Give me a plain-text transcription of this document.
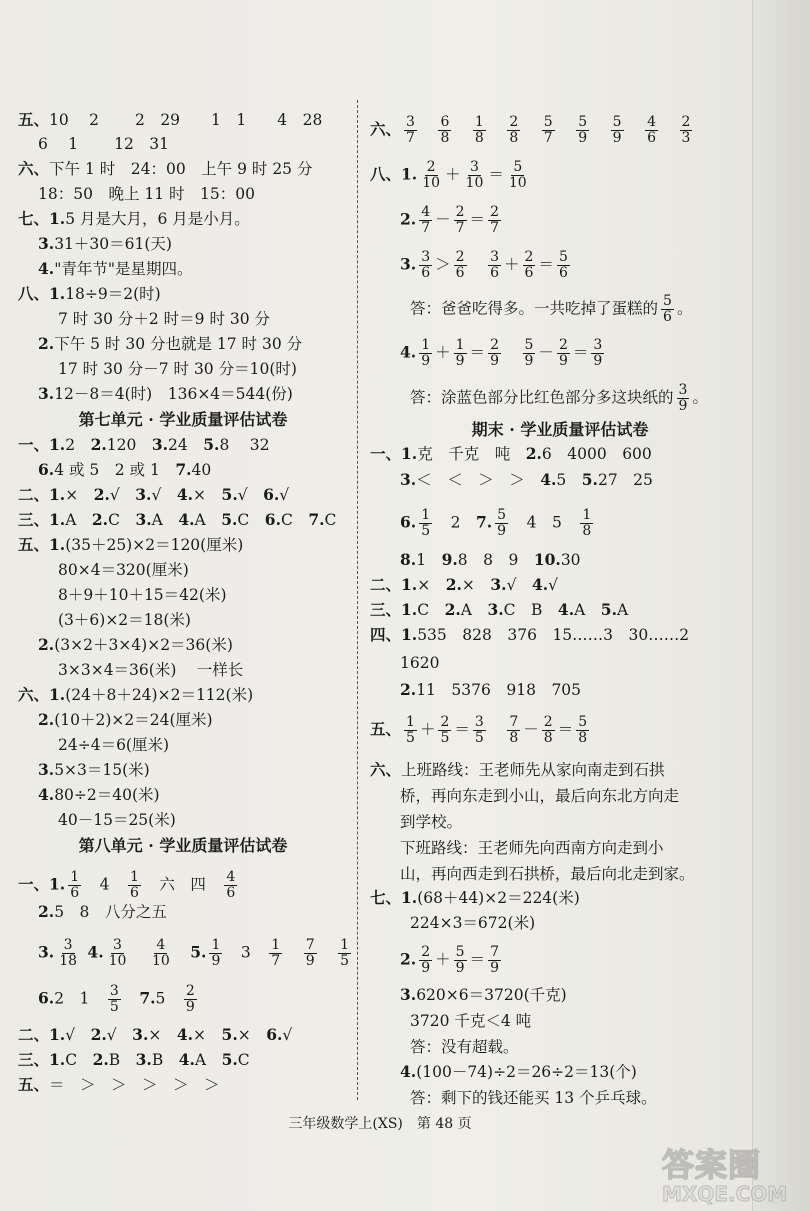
五、10　 2　　 2　29　　1　1　　4　28
6　 1　　 12　31
六、下午 1 时　24：00　上午 9 时 25 分
18：50　晚上 11 时　15：00
七、1.5 月是大月，6 月是小月。
3.31＋30＝61(天)
4."青年节"是星期四。
八、1.18÷9＝2(时)
7 时 30 分＋2 时＝9 时 30 分
2.下午 5 时 30 分也就是 17 时 30 分
17 时 30 分－7 时 30 分＝10(时)
3.12－8＝4(时)　136×4＝544(份)
第七单元 · 学业质量评估试卷
一、1.2　2.120　3.24　5.8　 32
6.4 或 5　2 或 1　7.40
二、1.×　2.√　3.√　4.×　5.√　6.√
三、1.A　2.C　3.A　4.A　5.C　6.C　7.C
五、1.(35＋25)×2＝120(厘米)
80×4＝320(厘米)
8＋9＋10＋15＝42(米)
(3＋6)×2＝18(米)
2.(3×2＋3×4)×2＝36(米)
3×3×4＝36(米)　 一样长
六、1.(24＋8＋24)×2＝112(米)
2.(10＋2)×2＝24(厘米)
24÷4＝6(厘米)
3.5×3＝15(米)
4.80÷2＝40(米)
40－15＝25(米)
第八单元 · 学业质量评估试卷
一、1. $\frac{1}{6}$ 　4　 $\frac{1}{6}$ 　六　四　 $\frac{4}{6}$
2.5　8　八分之五
3. $\frac{3}{18} 4$. $\frac{3}{10}$
　 $\frac{4}{10}$ 　5. $\frac{1}{9}$ 　3　 $\frac{1}{7}$
　 $\frac{7}{9}$
　 $\frac{1}{5}$
6.2　1　 $\frac{3}{5}$ 　7.5　 $\frac{2}{9}$
二、1.√　2.√　3.×　4.×　5.×　6.√
三、1.C　2.B　3.B　4.A　5.C
五、＝　＞　＞　＞　＞　＞
六、 $\frac{3}{7}$
　 $\frac{6}{8}$
　 $\frac{1}{8}$
　 $\frac{2}{8}$
　 $\frac{5}{7}$
　 $\frac{5}{9}$
　 $\frac{5}{9}$
　 $\frac{4}{6}$
　 $\frac{2}{3}$
八、1. $\frac{2}{10} + \frac{3}{10} = \frac{5}{10}$
2. $\frac{4}{7} - \frac{2}{7} = \frac{2}{7}$
3. $\frac{3}{6} > \frac{2}{6}$
　 $\frac{3}{6} + \frac{2}{6} = \frac{5}{6}$
答：爸爸吃得多。一共吃掉了蛋糕的 $\frac{5}{6}$ 。
4. $\frac{1}{9} + \frac{1}{9} = \frac{2}{9}$
　 $\frac{5}{9} - \frac{2}{9} = \frac{3}{9}$
答：涂蓝色部分比红色部分多这块纸的 $\frac{3}{9}$ 。
期末 · 学业质量评估试卷
一、1.克　千克　吨　2.6　4000　600
3.＜　＜　＞　＞　4.5　5.27　25
6. $\frac{1}{5}$ 　2　7. $\frac{5}{9}$ 　4　5　 $\frac{1}{8}$
8.1　9.8　8　9　10.30
二、1.×　2.×　3.√　4.√
三、1.C　2.A　3.C　B　4.A　5.A
四、1.535　828　376　15……3　30……2
1620
2.11　5376　918　705
五、 $\frac{1}{5} + \frac{2}{5} = \frac{3}{5}$
　 $\frac{7}{8} - \frac{2}{8} = \frac{5}{8}$
六、上班路线：王老师先从家向南走到石拱
桥，再向东走到小山，最后向东北方向走
到学校。
下班路线：王老师先向西南方向走到小
山，再向西走到石拱桥，最后向北走到家。
七、1.(68＋44)×2＝224(米)
224×3＝672(米)
2. $\frac{2}{9} + \frac{5}{9} = \frac{7}{9}$
3.620×6＝3720(千克)
3720 千克＜4 吨
答：没有超载。
4.(100－74)÷2＝26÷2＝13(个)
答：剩下的钱还能买 13 个乒乓球。
三年级数学上(XS)　第 48 页
答案圈
MXQE.COM
